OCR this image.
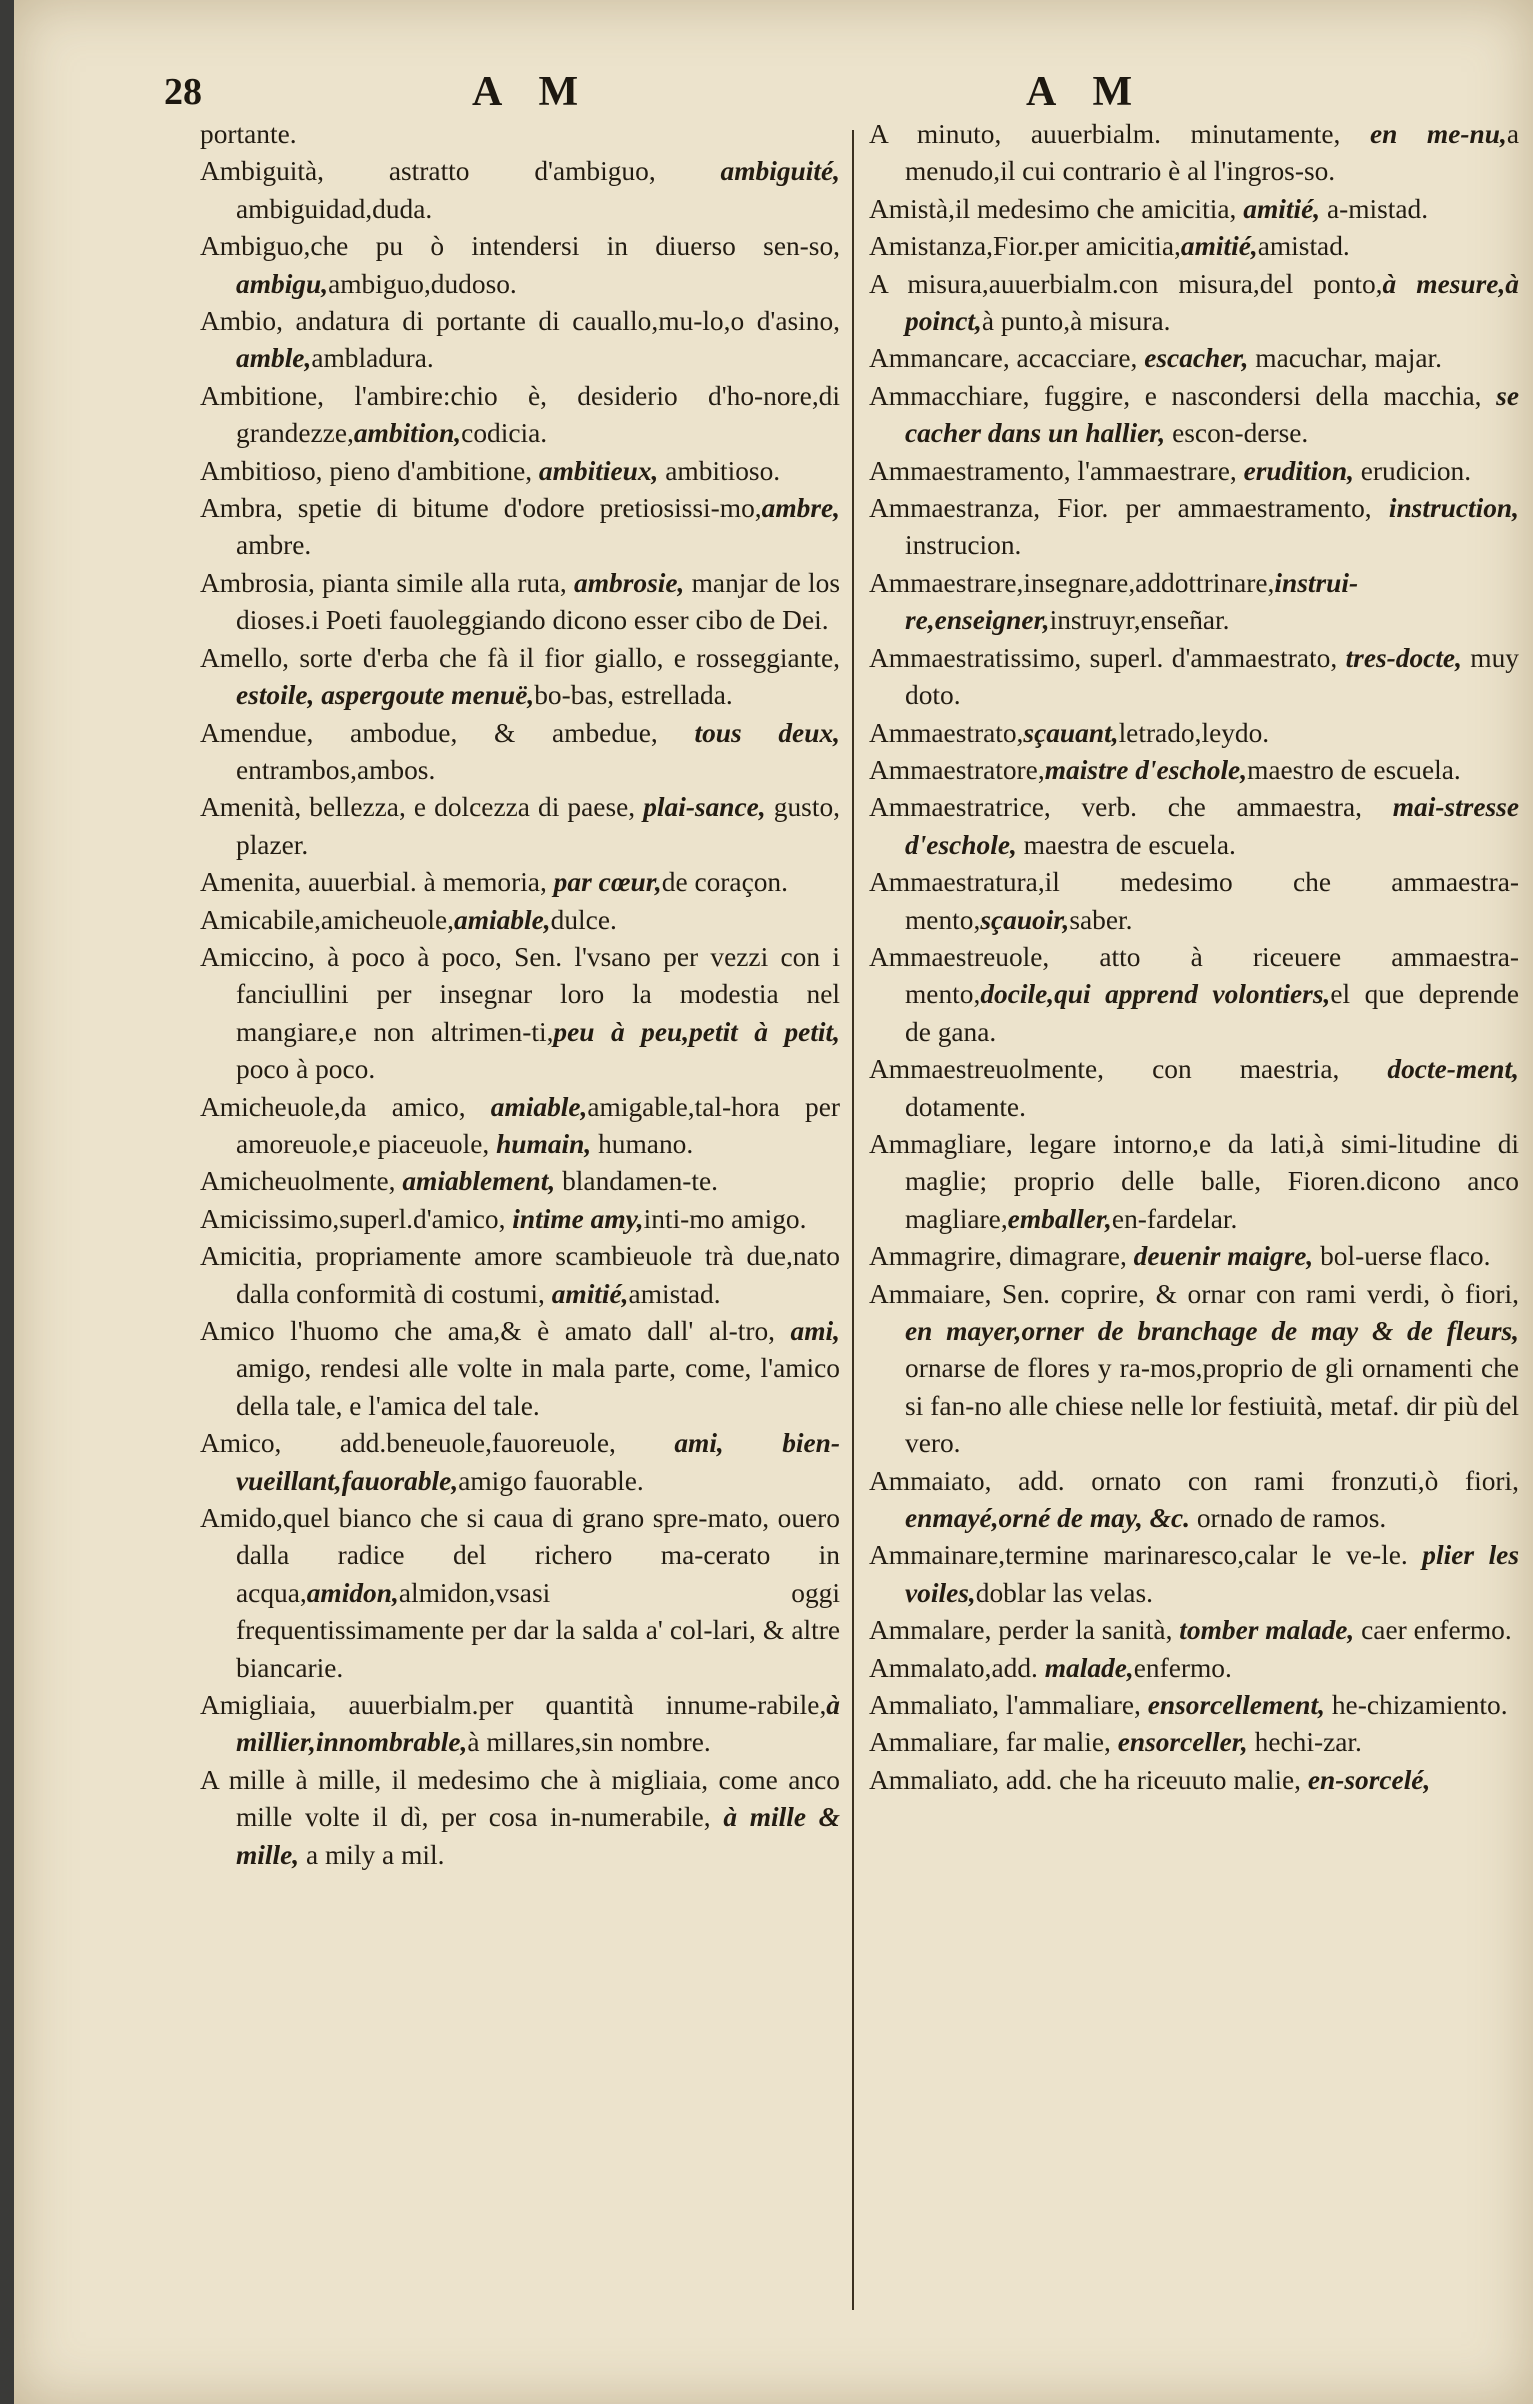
28	A M	A M

portante.

Ambiguità, astratto d'ambiguo, ambiguité, ambiguidad,duda.

Ambiguo,che pu ò intendersi in diuerso sen-so, ambigu,ambiguo,dudoso.

Ambio, andatura di portante di cauallo,mu-lo,o d'asino, amble,ambladura.

Ambitione, l'ambire:chio è, desiderio d'ho-nore,di grandezze,ambition,codicia.

Ambitioso, pieno d'ambitione, ambitieux, ambitioso.

Ambra, spetie di bitume d'odore pretiosissi-mo,ambre, ambre.

Ambrosia, pianta simile alla ruta, ambrosie, manjar de los dioses.i Poeti fauoleggiando dicono esser cibo de Dei.

Amello, sorte d'erba che fà il fior giallo, e rosseggiante, estoile, aspergoute menuë,bo-bas, estrellada.

Amendue, ambodue, & ambedue, tous deux, entrambos,ambos.

Amenità, bellezza, e dolcezza di paese, plai-sance, gusto, plazer.

Amenita, auuerbial. à memoria, par cœur,de coraçon.

Amicabile,amicheuole,amiable,dulce.

Amiccino, à poco à poco, Sen. l'vsano per vezzi con i fanciullini per insegnar loro la modestia nel mangiare,e non altrimen-ti,peu à peu,petit à petit, poco à poco.

Amicheuole,da amico, amiable,amigable,tal-hora per amoreuole,e piaceuole, humain, humano.

Amicheuolmente, amiablement, blandamen-te.

Amicissimo,superl.d'amico, intime amy,inti-mo amigo.

Amicitia, propriamente amore scambieuole trà due,nato dalla conformità di costumi, amitié,amistad.

Amico l'huomo che ama,& è amato dall' al-tro, ami, amigo, rendesi alle volte in mala parte, come, l'amico della tale, e l'amica del tale.

Amico, add.beneuole,fauoreuole, ami, bien-vueillant,fauorable,amigo fauorable.

Amido,quel bianco che si caua di grano spre-mato, ouero dalla radice del richero ma-cerato in acqua,amidon,almidon,vsasi oggi frequentissimamente per dar la salda a' col-lari, & altre biancarie.

Amigliaia, auuerbialm.per quantità innume-rabile,à millier,innombrable,à millares,sin nombre.

A mille à mille, il medesimo che à migliaia, come anco mille volte il dì, per cosa in-numerabile, à mille & mille, a mily a mil.

A minuto, auuerbialm. minutamente, en me-nu,a menudo,il cui contrario è al l'ingros-so.

Amistà,il medesimo che amicitia, amitié, a-mistad.

Amistanza,Fior.per amicitia,amitié,amistad.

A misura,auuerbialm.con misura,del ponto,à mesure,à poinct,à punto,à misura.

Ammancare, accacciare, escacher, macuchar, majar.

Ammacchiare, fuggire, e nascondersi della macchia, se cacher dans un hallier, escon-derse.

Ammaestramento, l'ammaestrare, erudition, erudicion.

Ammaestranza, Fior. per ammaestramento, instruction, instrucion.

Ammaestrare,insegnare,addottrinare,instrui-re,enseigner,instruyr,enseñar.

Ammaestratissimo, superl. d'ammaestrato, tres-docte, muy doto.

Ammaestrato,sçauant,letrado,leydo.

Ammaestratore,maistre d'eschole,maestro de escuela.

Ammaestratrice, verb. che ammaestra, mai-stresse d'eschole, maestra de escuela.

Ammaestratura,il medesimo che ammaestra-mento,sçauoir,saber.

Ammaestreuole, atto à riceuere ammaestra-mento,docile,qui apprend volontiers,el que deprende de gana.

Ammaestreuolmente, con maestria, docte-ment, dotamente.

Ammagliare, legare intorno,e da lati,à simi-litudine di maglie; proprio delle balle, Fioren.dicono anco magliare,emballer,en-fardelar.

Ammagrire, dimagrare, deuenir maigre, bol-uerse flaco.

Ammaiare, Sen. coprire, & ornar con rami verdi, ò fiori, en mayer,orner de branchage de may & de fleurs, ornarse de flores y ra-mos,proprio de gli ornamenti che si fan-no alle chiese nelle lor festiuità, metaf. dir più del vero.

Ammaiato, add. ornato con rami fronzuti,ò fiori, enmayé,orné de may, &c. ornado de ramos.

Ammainare,termine marinaresco,calar le ve-le. plier les voiles,doblar las velas.

Ammalare, perder la sanità, tomber malade, caer enfermo.

Ammalato,add. malade,enfermo.

Ammaliato, l'ammaliare, ensorcellement, he-chizamiento.

Ammaliare, far malie, ensorceller, hechi-zar.

Ammaliato, add. che ha riceuuto malie, en-sorcelé,
